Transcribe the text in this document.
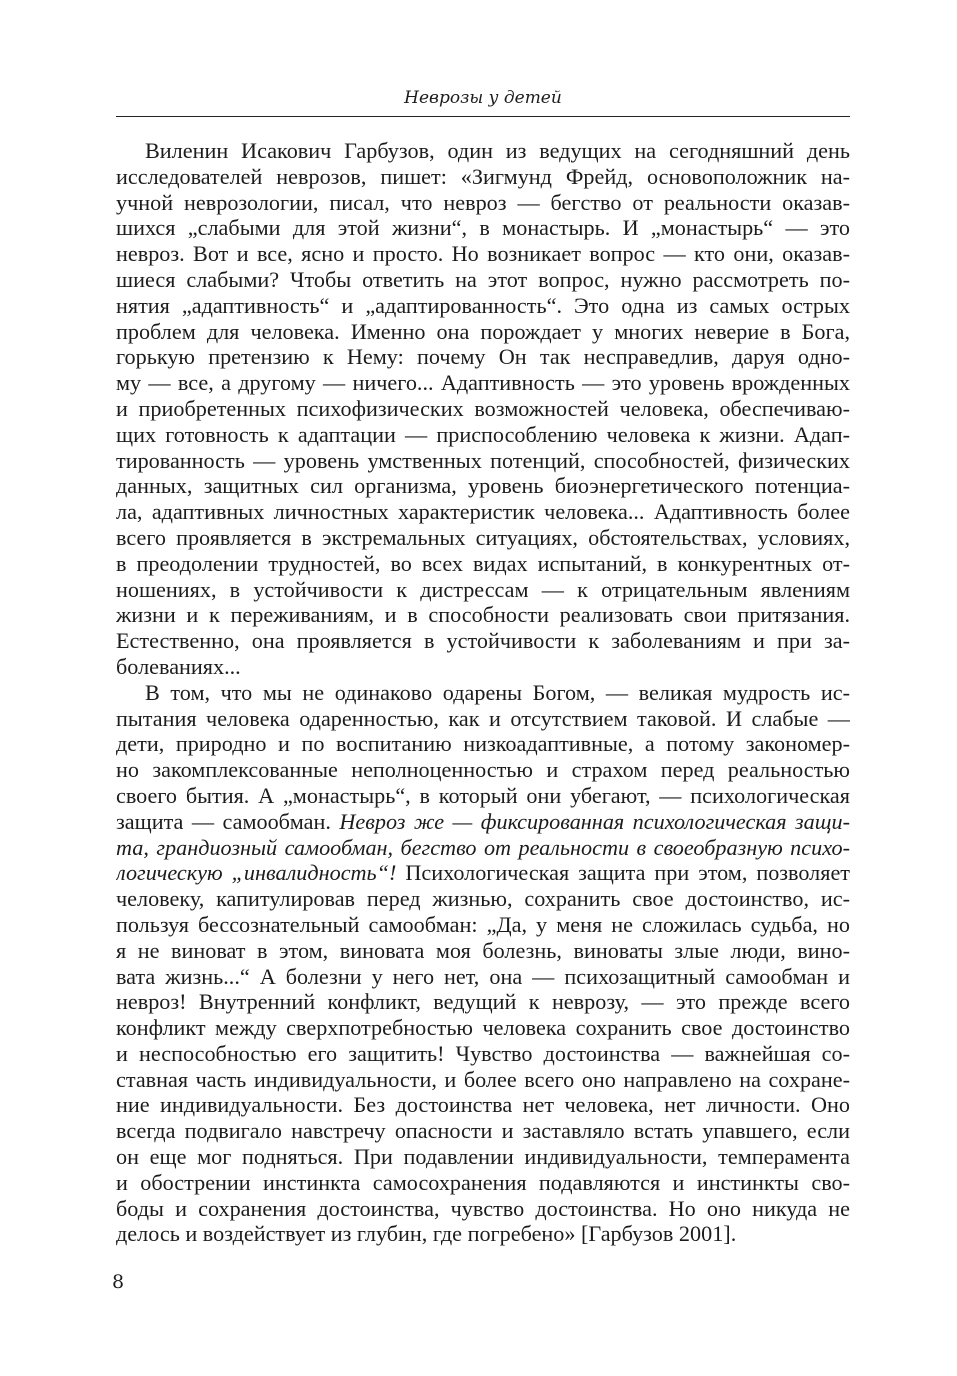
Неврозы у детей
Виленин Исакович Гарбузов, один из ведущих на сегодняшний день
исследователей неврозов, пишет: «Зигмунд Фрейд, основоположник на-
учной неврозологии, писал, что невроз — бегство от реальности оказав-
шихся „слабыми для этой жизни“, в монастырь. И „монастырь“ — это
невроз. Вот и все, ясно и просто. Но возникает вопрос — кто они, оказав-
шиеся слабыми? Чтобы ответить на этот вопрос, нужно рассмотреть по-
нятия „адаптивность“ и „адаптированность“. Это одна из самых острых
проблем для человека. Именно она порождает у многих неверие в Бога,
горькую претензию к Нему: почему Он так несправедлив, даруя одно-
му — все, а другому — ничего... Адаптивность — это уровень врожденных
и приобретенных психофизических возможностей человека, обеспечиваю-
щих готовность к адаптации — приспособлению человека к жизни. Адап-
тированность — уровень умственных потенций, способностей, физических
данных, защитных сил организма, уровень биоэнергетического потенциа-
ла, адаптивных личностных характеристик человека... Адаптивность более
всего проявляется в экстремальных ситуациях, обстоятельствах, условиях,
в преодолении трудностей, во всех видах испытаний, в конкурентных от-
ношениях, в устойчивости к дистрессам — к отрицательным явлениям
жизни и к переживаниям, и в способности реализовать свои притязания.
Естественно, она проявляется в устойчивости к заболеваниям и при за-
болеваниях...
В том, что мы не одинаково одарены Богом, — великая мудрость ис-
пытания человека одаренностью, как и отсутствием таковой. И слабые —
дети, природно и по воспитанию низкоадаптивные, а потому закономер-
но закомплексованные неполноценностью и страхом перед реальностью
своего бытия. А „монастырь“, в который они убегают, — психологическая
защита — самообман. Невроз же — фиксированная психологическая защи-
та, грандиозный самообман, бегство от реальности в своеобразную психо-
логическую „инвалидность“! Психологическая защита при этом, позволяет
человеку, капитулировав перед жизнью, сохранить свое достоинство, ис-
пользуя бессознательный самообман: „Да, у меня не сложилась судьба, но
я не виноват в этом, виновата моя болезнь, виноваты злые люди, вино-
вата жизнь...“ А болезни у него нет, она — психозащитный самообман и
невроз! Внутренний конфликт, ведущий к неврозу, — это прежде всего
конфликт между сверхпотребностью человека сохранить свое достоинство
и неспособностью его защитить! Чувство достоинства — важнейшая со-
ставная часть индивидуальности, и более всего оно направлено на сохране-
ние индивидуальности. Без достоинства нет человека, нет личности. Оно
всегда подвигало навстречу опасности и заставляло встать упавшего, если
он еще мог подняться. При подавлении индивидуальности, темперамента
и обострении инстинкта самосохранения подавляются и инстинкты сво-
боды и сохранения достоинства, чувство достоинства. Но оно никуда не
делось и воздействует из глубин, где погребено» [Гарбузов 2001].
8
